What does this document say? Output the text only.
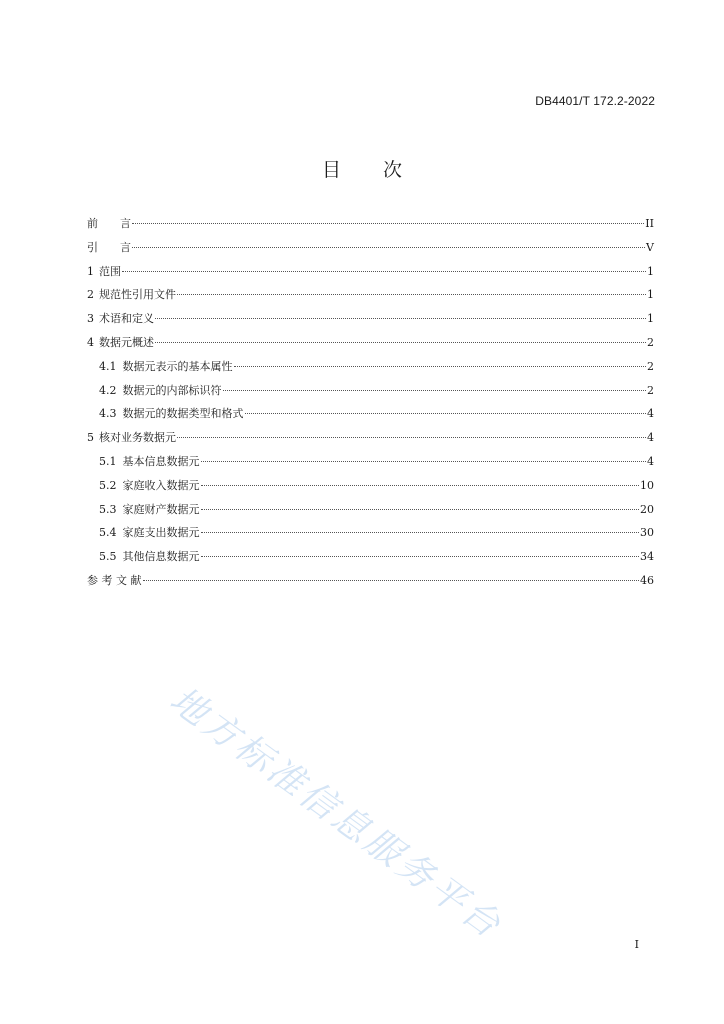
DB4401/T 172.2-2022
目 次
前　　言	II
引　　言	V
1 范围	1
2 规范性引用文件	1
3 术语和定义	1
4 数据元概述	2
4.1 数据元表示的基本属性	2
4.2 数据元的内部标识符	2
4.3 数据元的数据类型和格式	4
5 核对业务数据元	4
5.1 基本信息数据元	4
5.2 家庭收入数据元	10
5.3 家庭财产数据元	20
5.4 家庭支出数据元	30
5.5 其他信息数据元	34
参 考 文 献	46
地方标准信息服务平台	I
